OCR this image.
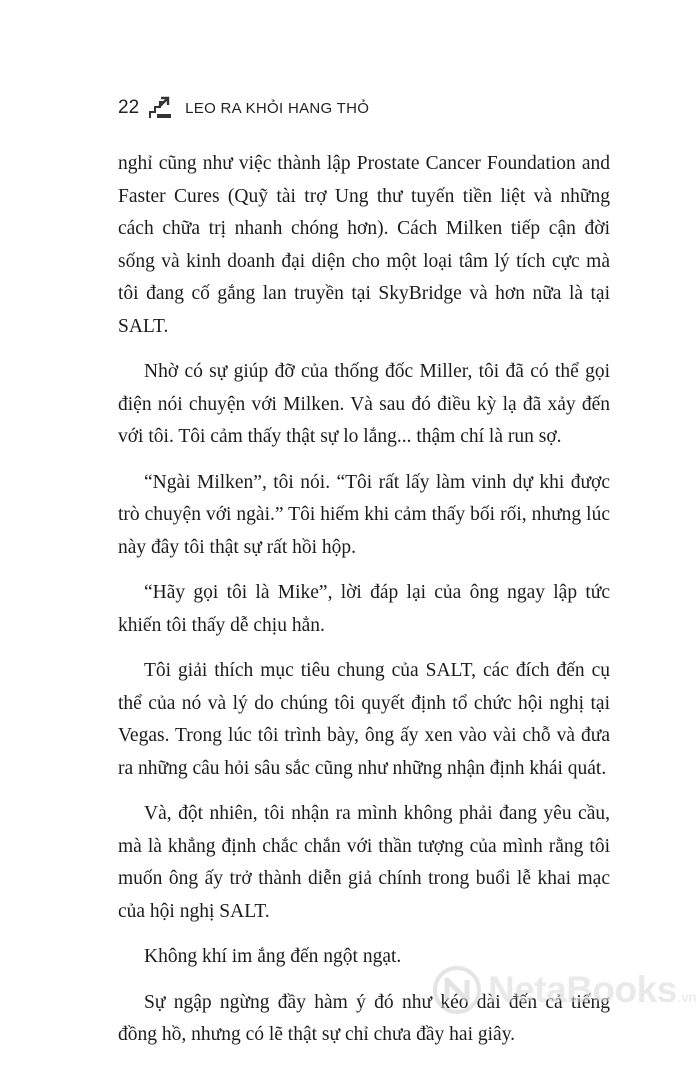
22	LEO RA KHỎI HANG THỎ

nghỉ cũng như việc thành lập Prostate Cancer Foundation and Faster Cures (Quỹ tài trợ Ung thư tuyến tiền liệt và những cách chữa trị nhanh chóng hơn). Cách Milken tiếp cận đời sống và kinh doanh đại diện cho một loại tâm lý tích cực mà tôi đang cố gắng lan truyền tại SkyBridge và hơn nữa là tại SALT.

Nhờ có sự giúp đỡ của thống đốc Miller, tôi đã có thể gọi điện nói chuyện với Milken. Và sau đó điều kỳ lạ đã xảy đến với tôi. Tôi cảm thấy thật sự lo lắng... thậm chí là run sợ.

“Ngài Milken”, tôi nói. “Tôi rất lấy làm vinh dự khi được trò chuyện với ngài.” Tôi hiếm khi cảm thấy bối rối, nhưng lúc này đây tôi thật sự rất hồi hộp.

“Hãy gọi tôi là Mike”, lời đáp lại của ông ngay lập tức khiến tôi thấy dễ chịu hẳn.

Tôi giải thích mục tiêu chung của SALT, các đích đến cụ thể của nó và lý do chúng tôi quyết định tổ chức hội nghị tại Vegas. Trong lúc tôi trình bày, ông ấy xen vào vài chỗ và đưa ra những câu hỏi sâu sắc cũng như những nhận định khái quát.

Và, đột nhiên, tôi nhận ra mình không phải đang yêu cầu, mà là khẳng định chắc chắn với thần tượng của mình rằng tôi muốn ông ấy trở thành diễn giả chính trong buổi lễ khai mạc của hội nghị SALT.

Không khí im ắng đến ngột ngạt.

Sự ngập ngừng đầy hàm ý đó như kéo dài đến cả tiếng đồng hồ, nhưng có lẽ thật sự chỉ chưa đầy hai giây.

NetaBooks .vn
